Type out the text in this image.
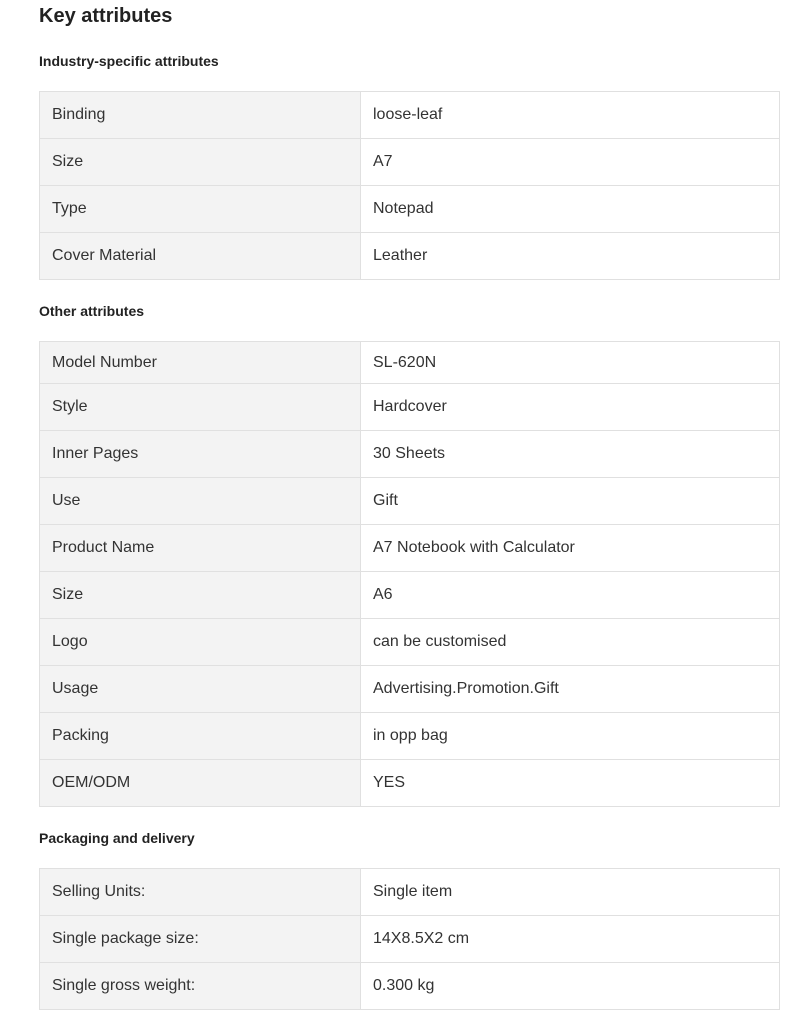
Key attributes
Industry-specific attributes
Binding	loose-leaf
Size	A7
Type	Notepad
Cover Material	Leather
Other attributes
Model Number	SL-620N
Style	Hardcover
Inner Pages	30 Sheets
Use	Gift
Product Name	A7 Notebook with Calculator
Size	A6
Logo	can be customised
Usage	Advertising.Promotion.Gift
Packing	in opp bag
OEM/ODM	YES
Packaging and delivery
Selling Units:	Single item
Single package size:	14X8.5X2 cm
Single gross weight:	0.300 kg
